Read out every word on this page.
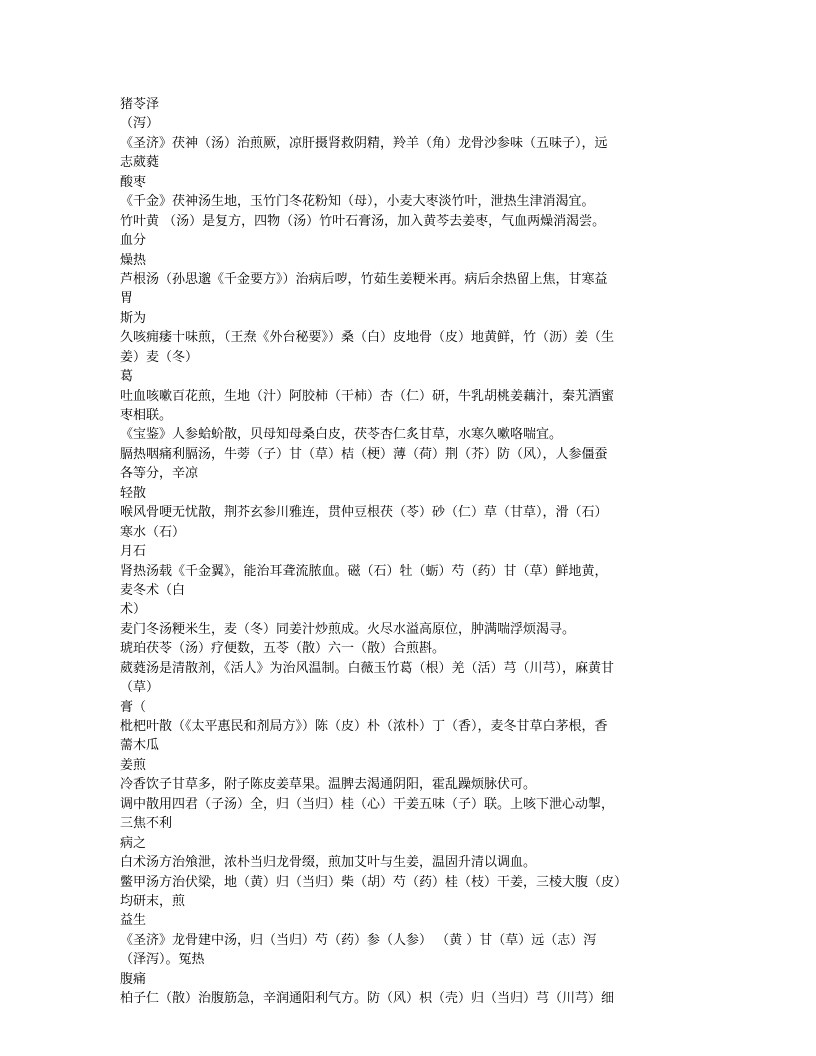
猪苓泽
（泻）
《圣济》茯神（汤）治煎厥，凉肝摄肾救阴精，羚羊（角）龙骨沙参味（五味子），远
志葳蕤
酸枣
《千金》茯神汤生地，玉竹门冬花粉知（母），小麦大枣淡竹叶，泄热生津消渴宜。
竹叶黄 （汤）是复方，四物（汤）竹叶石膏汤，加入黄芩去姜枣，气血两燥消渴尝。
血分
燥热
芦根汤（孙思邈《千金要方》）治病后哕，竹茹生姜粳米再。病后余热留上焦，甘寒益
胃
斯为
久咳痈痿十味煎，（王焘《外台秘要》）桑（白）皮地骨（皮）地黄鲜，竹（沥）姜（生
姜）麦（冬）
葛
吐血咳嗽百花煎，生地（汁）阿胶柿（干柿）杏（仁）研，牛乳胡桃姜藕汁，秦艽酒蜜
枣相联。
《宝鉴》人参蛤蚧散，贝母知母桑白皮，茯苓杏仁炙甘草，水寒久嗽咯喘宜。
膈热咽痛利膈汤，牛蒡（子）甘（草）桔（梗）薄（荷）荆（芥）防（风），人参僵蚕
各等分，辛凉
轻散
喉风骨哽无忧散，荆芥玄参川雅连，贯仲豆根茯（苓）砂（仁）草（甘草），滑（石）
寒水（石）
月石
肾热汤载《千金翼》，能治耳聋流脓血。磁（石）牡（蛎）芍（药）甘（草）鲜地黄，
麦冬术（白
术）
麦门冬汤粳米生，麦（冬）同姜汁炒煎成。火尽水溢高原位，肿满喘浮烦渴寻。
琥珀茯苓（汤）疗便数，五苓（散）六一（散）合煎斟。
葳蕤汤是清散剂，《活人》为治风温制。白薇玉竹葛（根）羌（活）芎（川芎），麻黄甘
（草）
膏（
枇杷叶散（《太平惠民和剂局方》）陈（皮）朴（浓朴）丁（香），麦冬甘草白茅根，香
薷木瓜
姜煎
冷香饮子甘草多，附子陈皮姜草果。温脾去渴通阴阳，霍乱躁烦脉伏可。
调中散用四君（子汤）全，归（当归）桂（心）干姜五味（子）联。上咳下泄心动掣，
三焦不利
病之
白术汤方治飧泄，浓朴当归龙骨缀，煎加艾叶与生姜，温固升清以调血。
鳖甲汤方治伏梁，地（黄）归（当归）柴（胡）芍（药）桂（枝）干姜，三棱大腹（皮）
均研末，煎
益生
《圣济》龙骨建中汤，归（当归）芍（药）参（人参） （黄 ）甘（草）远（志）泻
（泽泻）。冤热
腹痛
柏子仁（散）治腹筋急，辛润通阳利气方。防（风）枳（壳）归（当归）芎（川芎）细
